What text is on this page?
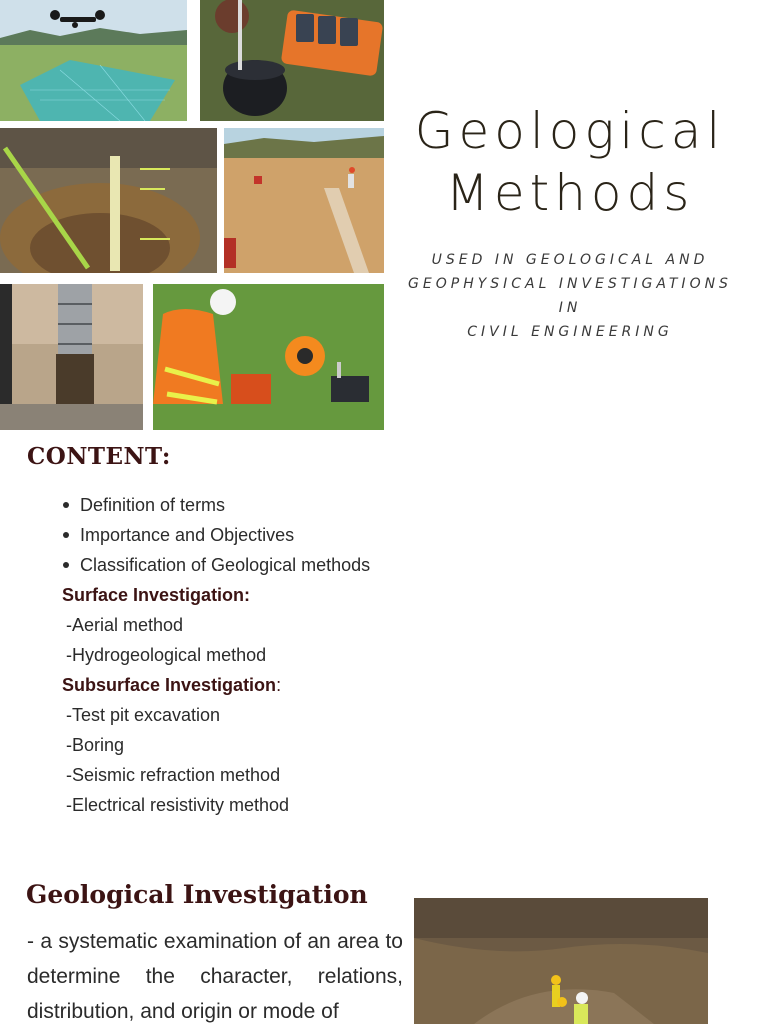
Geological
Methods
USED IN GEOLOGICAL AND
GEOPHYSICAL INVESTIGATIONS IN
CIVIL ENGINEERING
CONTENT:
Definition of terms
Importance and Objectives
Classification of Geological methods
Surface Investigation:
-Aerial method
-Hydrogeological method
Subsurface Investigation:
-Test pit excavation
-Boring
-Seismic refraction method
-Electrical resistivity method
Geological Investigation

- a systematic examination of an area to determine the character, relations, distribution, and origin or mode of
